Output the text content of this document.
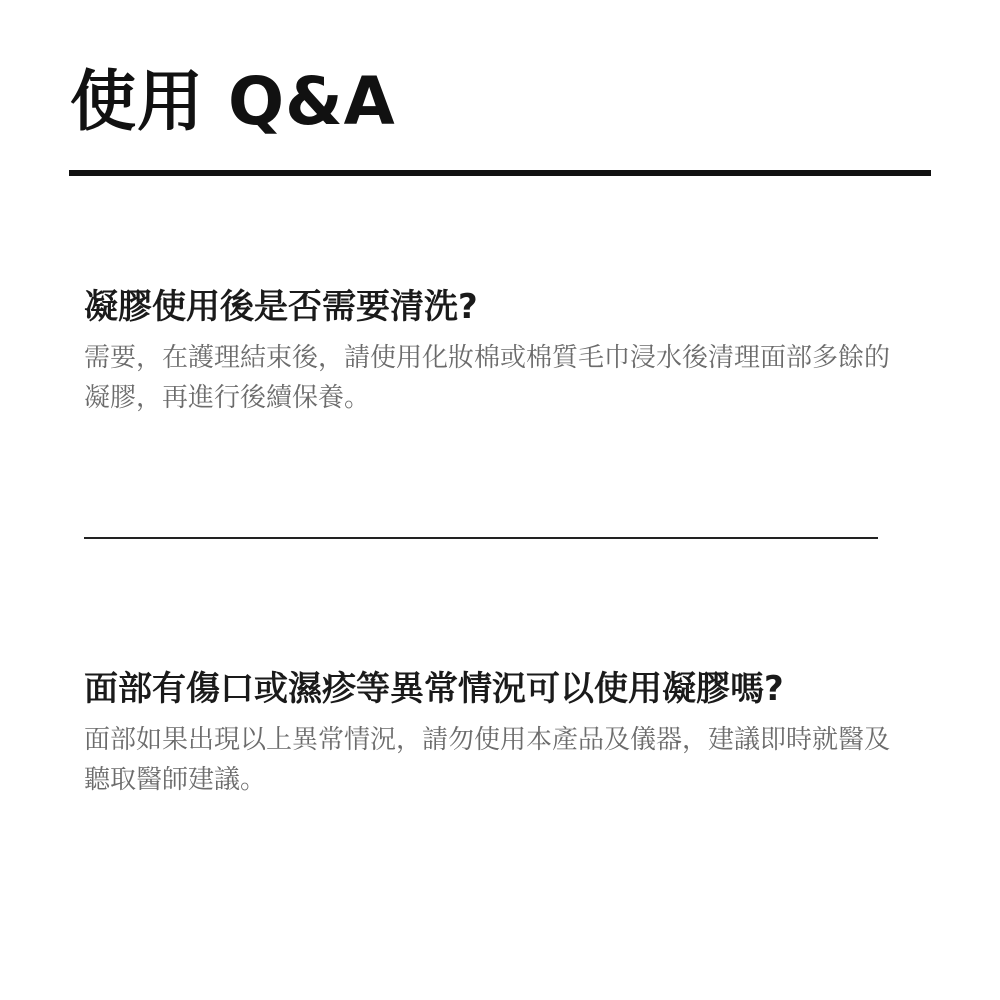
使用 Q&A
凝膠使用後是否需要清洗?

需要，在護理結束後，請使用化妝棉或棉質毛巾浸水後清理面部多餘的凝膠，再進行後續保養。

面部有傷口或濕疹等異常情況可以使用凝膠嗎?

面部如果出現以上異常情況，請勿使用本產品及儀器，建議即時就醫及聽取醫師建議。
